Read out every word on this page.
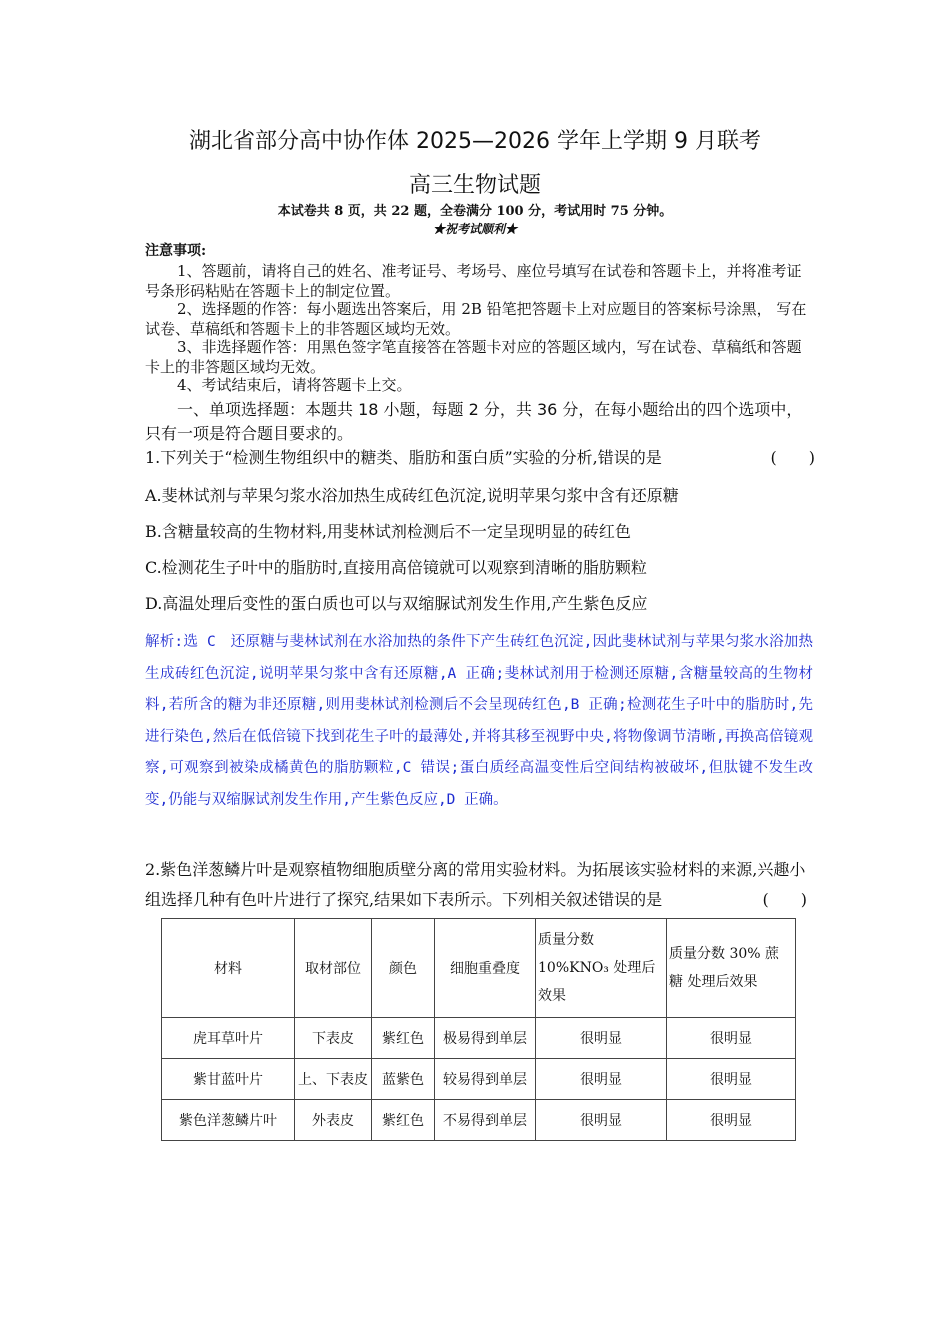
湖北省部分高中协作体 2025—2026 学年上学期 9 月联考
高三生物试题
本试卷共 8 页，共 22 题，全卷满分 100 分，考试用时 75 分钟。
★祝考试顺利★
注意事项:
1、答题前，请将自己的姓名、准考证号、考场号、座位号填写在试卷和答题卡上，并将准考证号条形码粘贴在答题卡上的制定位置。
2、选择题的作答：每小题选出答案后，用 2B 铅笔把答题卡上对应题目的答案标号涂黑， 写在试卷、草稿纸和答题卡上的非答题区域均无效。
3、非选择题作答：用黑色签字笔直接答在答题卡对应的答题区域内，写在试卷、草稿纸和答题卡上的非答题区域均无效。
4、考试结束后，请将答题卡上交。
一、单项选择题：本题共 18 小题，每题 2 分，共 36 分，在每小题给出的四个选项中， 只有一项是符合题目要求的。
1.下列关于“检测生物组织中的糖类、脂肪和蛋白质”实验的分析,错误的是	(　　)
A.斐林试剂与苹果匀浆水浴加热生成砖红色沉淀,说明苹果匀浆中含有还原糖
B.含糖量较高的生物材料,用斐林试剂检测后不一定呈现明显的砖红色
C.检测花生子叶中的脂肪时,直接用高倍镜就可以观察到清晰的脂肪颗粒
D.高温处理后变性的蛋白质也可以与双缩脲试剂发生作用,产生紫色反应
解析:选 C　还原糖与斐林试剂在水浴加热的条件下产生砖红色沉淀,因此斐林试剂与苹果匀浆水浴加热生成砖红色沉淀,说明苹果匀浆中含有还原糖,A 正确;斐林试剂用于检测还原糖,含糖量较高的生物材料,若所含的糖为非还原糖,则用斐林试剂检测后不会呈现砖红色,B 正确;检测花生子叶中的脂肪时,先进行染色,然后在低倍镜下找到花生子叶的最薄处,并将其移至视野中央,将物像调节清晰,再换高倍镜观察,可观察到被染成橘黄色的脂肪颗粒,C 错误;蛋白质经高温变性后空间结构被破坏,但肽键不发生改变,仍能与双缩脲试剂发生作用,产生紫色反应,D 正确。
2.紫色洋葱鳞片叶是观察植物细胞质壁分离的常用实验材料。为拓展该实验材料的来源,兴趣小组选择几种有色叶片进行了探究,结果如下表所示。下列相关叙述错误的是	(　　)
材料	取材部位	颜色	细胞重叠度	质量分数 10%KNO₃ 处理后效果	质量分数 30% 蔗糖 处理后效果
虎耳草叶片	下表皮	紫红色	极易得到单层	很明显	很明显
紫甘蓝叶片	上、下表皮	蓝紫色	较易得到单层	很明显	很明显
紫色洋葱鳞片叶	外表皮	紫红色	不易得到单层	很明显	很明显
